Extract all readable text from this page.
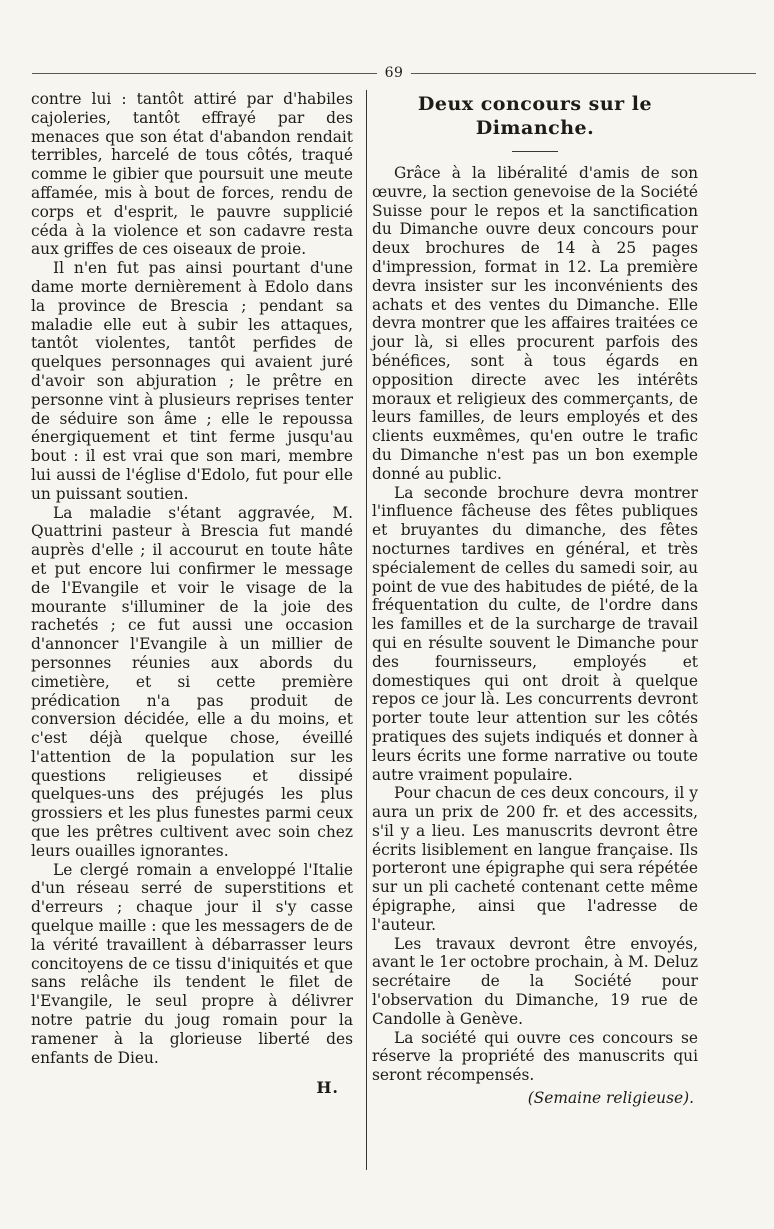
69

contre lui : tantôt attiré par d'habiles cajoleries, tantôt effrayé par des menaces que son état d'abandon rendait terribles, harcelé de tous côtés, traqué comme le gibier que poursuit une meute affamée, mis à bout de forces, rendu de corps et d'esprit, le pauvre supplicié céda à la violence et son cadavre resta aux griffes de ces oiseaux de proie.

Il n'en fut pas ainsi pourtant d'une dame morte dernièrement à Edolo dans la province de Brescia ; pendant sa maladie elle eut à subir les attaques, tantôt violentes, tantôt perfides de quelques personnages qui avaient juré d'avoir son abjuration ; le prêtre en personne vint à plusieurs reprises tenter de séduire son âme ; elle le repoussa énergiquement et tint ferme jusqu'au bout : il est vrai que son mari, membre lui aussi de l'église d'Edolo, fut pour elle un puissant soutien.

La maladie s'étant aggravée, M. Quattrini pasteur à Brescia fut mandé auprès d'elle ; il accourut en toute hâte et put encore lui confirmer le message de l'Evangile et voir le visage de la mourante s'illuminer de la joie des rachetés ; ce fut aussi une occasion d'annoncer l'Evangile à un millier de personnes réunies aux abords du cimetière, et si cette première prédication n'a pas produit de conversion décidée, elle a du moins, et c'est déjà quelque chose, éveillé l'attention de la population sur les questions religieuses et dissipé quelques-uns des préjugés les plus grossiers et les plus funestes parmi ceux que les prêtres cultivent avec soin chez leurs ouailles ignorantes.

Le clergé romain a enveloppé l'Italie d'un réseau serré de superstitions et d'erreurs ; chaque jour il s'y casse quelque maille : que les messagers de de la vérité travaillent à débarrasser leurs concitoyens de ce tissu d'iniquités et que sans relâche ils tendent le filet de l'Evangile, le seul propre à délivrer notre patrie du joug romain pour la ramener à la glorieuse liberté des enfants de Dieu.

H.
Deux concours sur le Dimanche.

Grâce à la libéralité d'amis de son œuvre, la section genevoise de la Société Suisse pour le repos et la sanctification du Dimanche ouvre deux concours pour deux brochures de 14 à 25 pages d'impression, format in 12. La première devra insister sur les inconvénients des achats et des ventes du Dimanche. Elle devra montrer que les affaires traitées ce jour là, si elles procurent parfois des bénéfices, sont à tous égards en opposition directe avec les intérêts moraux et religieux des commerçants, de leurs familles, de leurs employés et des clients euxmêmes, qu'en outre le trafic du Dimanche n'est pas un bon exemple donné au public.

La seconde brochure devra montrer l'influence fâcheuse des fêtes publiques et bruyantes du dimanche, des fêtes nocturnes tardives en général, et très spécialement de celles du samedi soir, au point de vue des habitudes de piété, de la fréquentation du culte, de l'ordre dans les familles et de la surcharge de travail qui en résulte souvent le Dimanche pour des fournisseurs, employés et domestiques qui ont droit à quelque repos ce jour là. Les concurrents devront porter toute leur attention sur les côtés pratiques des sujets indiqués et donner à leurs écrits une forme narrative ou toute autre vraiment populaire.

Pour chacun de ces deux concours, il y aura un prix de 200 fr. et des accessits, s'il y a lieu. Les manuscrits devront être écrits lisiblement en langue française. Ils porteront une épigraphe qui sera répétée sur un pli cacheté contenant cette même épigraphe, ainsi que l'adresse de l'auteur.

Les travaux devront être envoyés, avant le 1er octobre prochain, à M. Deluz secrétaire de la Société pour l'observation du Dimanche, 19 rue de Candolle à Genève.

La société qui ouvre ces concours se réserve la propriété des manuscrits qui seront récompensés.

(Semaine religieuse).
